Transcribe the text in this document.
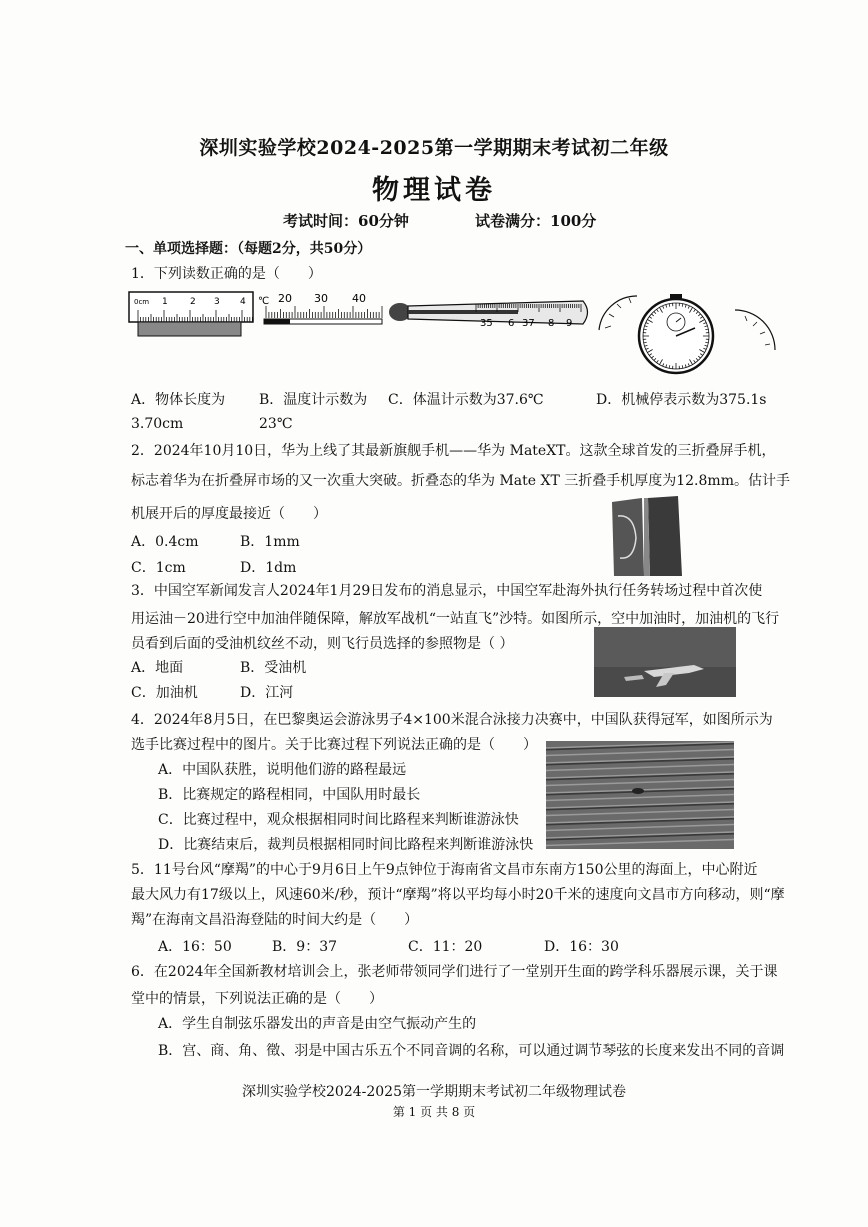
深圳实验学校2024-2025第一学期期末考试初二年级
物理试卷
考试时间：60分钟	试卷满分：100分
一、单项选择题：（每题2分，共50分）
1．下列读数正确的是（　　）
0cm 1 2 3 4 ℃ 20 30 40
35 6 37 8 9
A．物体长度为
3.70cm
B．温度计示数为
23℃
C．体温计示数为37.6℃	D．机械停表示数为375.1s
2．2024年10月10日，华为上线了其最新旗舰手机——华为 MateXT。这款全球首发的三折叠屏手机，
标志着华为在折叠屏市场的又一次重大突破。折叠态的华为 Mate XT 三折叠手机厚度为12.8mm。估计手
机展开后的厚度最接近（　　）
A．0.4cm	B．1mm
C．1cm	D．1dm
3．中国空军新闻发言人2024年1月29日发布的消息显示，中国空军赴海外执行任务转场过程中首次使
用运油－20进行空中加油伴随保障，解放军战机“一站直飞”沙特。如图所示，空中加油时，加油机的飞行
员看到后面的受油机纹丝不动，则飞行员选择的参照物是（ ）
A．地面	B．受油机
C．加油机	D．江河
4．2024年8月5日，在巴黎奥运会游泳男子4×100米混合泳接力决赛中，中国队获得冠军，如图所示为
选手比赛过程中的图片。关于比赛过程下列说法正确的是（　　）
A．中国队获胜，说明他们游的路程最远
B．比赛规定的路程相同，中国队用时最长
C．比赛过程中，观众根据相同时间比路程来判断谁游泳快
D．比赛结束后，裁判员根据相同时间比路程来判断谁游泳快
5．11号台风“摩羯”的中心于9月6日上午9点钟位于海南省文昌市东南方150公里的海面上，中心附近
最大风力有17级以上，风速60米/秒，预计“摩羯”将以平均每小时20千米的速度向文昌市方向移动，则“摩
羯”在海南文昌沿海登陆的时间大约是（　　）
A．16：50	B．9：37	C．11：20	D．16：30
6．在2024年全国新教材培训会上，张老师带领同学们进行了一堂别开生面的跨学科乐器展示课，关于课
堂中的情景，下列说法正确的是（　　）
A．学生自制弦乐器发出的声音是由空气振动产生的
B．宫、商、角、徵、羽是中国古乐五个不同音调的名称，可以通过调节琴弦的长度来发出不同的音调
深圳实验学校2024-2025第一学期期末考试初二年级物理试卷
第 1 页 共 8 页
